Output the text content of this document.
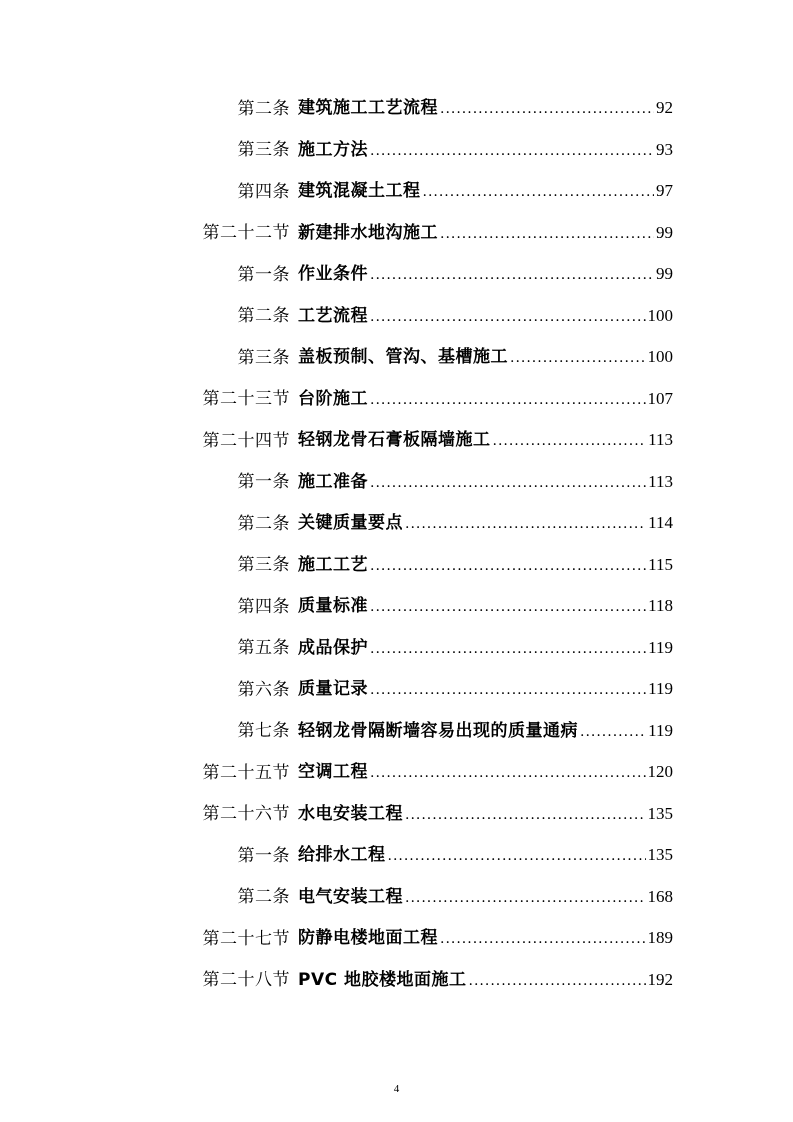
第二条 建筑施工工艺流程 .....	92
第三条 施工方法 .....	93
第四条 建筑混凝土工程 .....	97
第二十二节 新建排水地沟施工 .....	99
第一条 作业条件 .....	99
第二条 工艺流程 .....	100
第三条 盖板预制、管沟、基槽施工 .....	100
第二十三节 台阶施工 .....	107
第二十四节 轻钢龙骨石膏板隔墙施工 .....	113
第一条 施工准备 .....	113
第二条 关键质量要点 .....	114
第三条 施工工艺 .....	115
第四条 质量标准 .....	118
第五条 成品保护 .....	119
第六条 质量记录 .....	119
第七条 轻钢龙骨隔断墙容易出现的质量通病 .....	119
第二十五节 空调工程 .....	120
第二十六节 水电安装工程 .....	135
第一条 给排水工程 .....	135
第二条 电气安装工程 .....	168
第二十七节 防静电楼地面工程 .....	189
第二十八节 PVC 地胶楼地面施工 .....	192
4
